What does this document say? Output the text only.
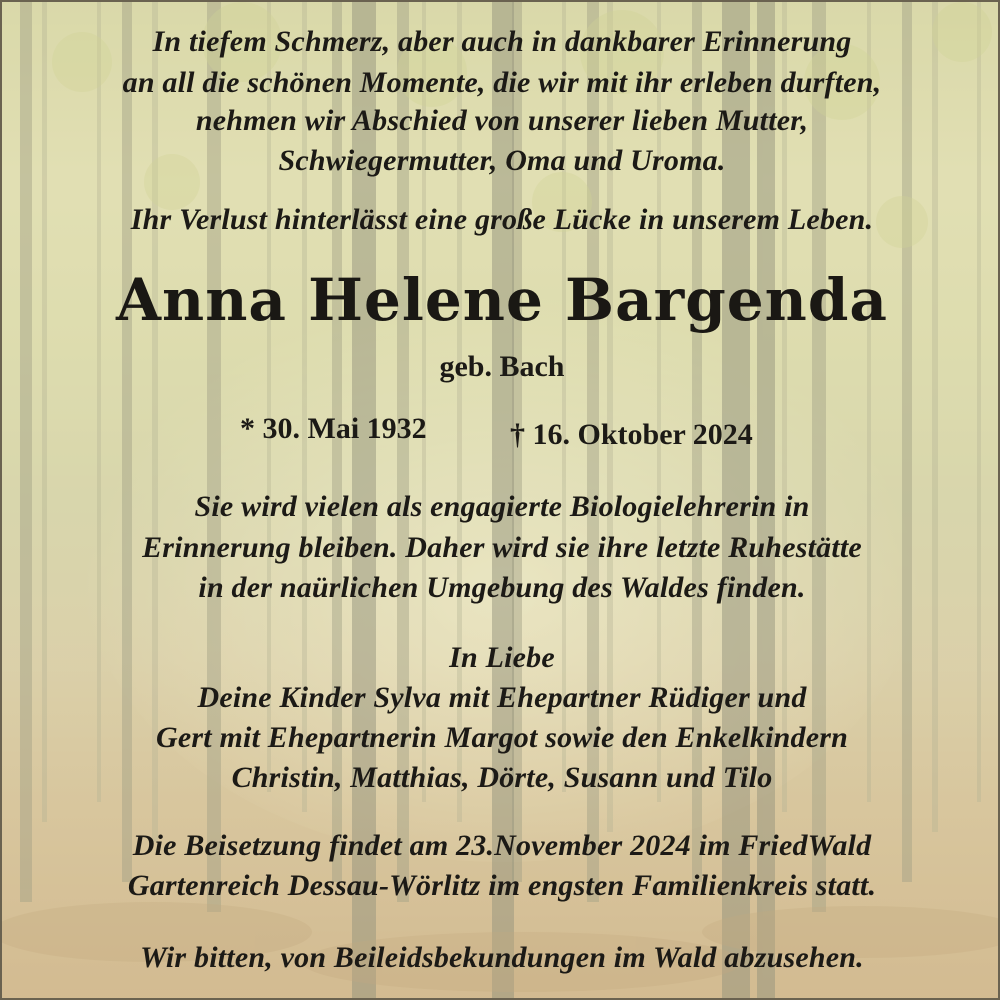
In tiefem Schmerz, aber auch in dankbarer Erinnerung
an all die schönen Momente, die wir mit ihr erleben durften,
nehmen wir Abschied von unserer lieben Mutter,
Schwiegermutter, Oma und Uroma.
Ihr Verlust hinterlässt eine große Lücke in unserem Leben.
Anna Helene Bargenda
geb. Bach
* 30. Mai 1932	† 16. Oktober 2024
Sie wird vielen als engagierte Biologielehrerin in
Erinnerung bleiben. Daher wird sie ihre letzte Ruhestätte
in der naürlichen Umgebung des Waldes finden.
In Liebe
Deine Kinder Sylva mit Ehepartner Rüdiger und
Gert mit Ehepartnerin Margot sowie den Enkelkindern
Christin, Matthias, Dörte, Susann und Tilo
Die Beisetzung findet am 23.November 2024 im FriedWald
Gartenreich Dessau-Wörlitz im engsten Familienkreis statt.
Wir bitten, von Beileidsbekundungen im Wald abzusehen.
